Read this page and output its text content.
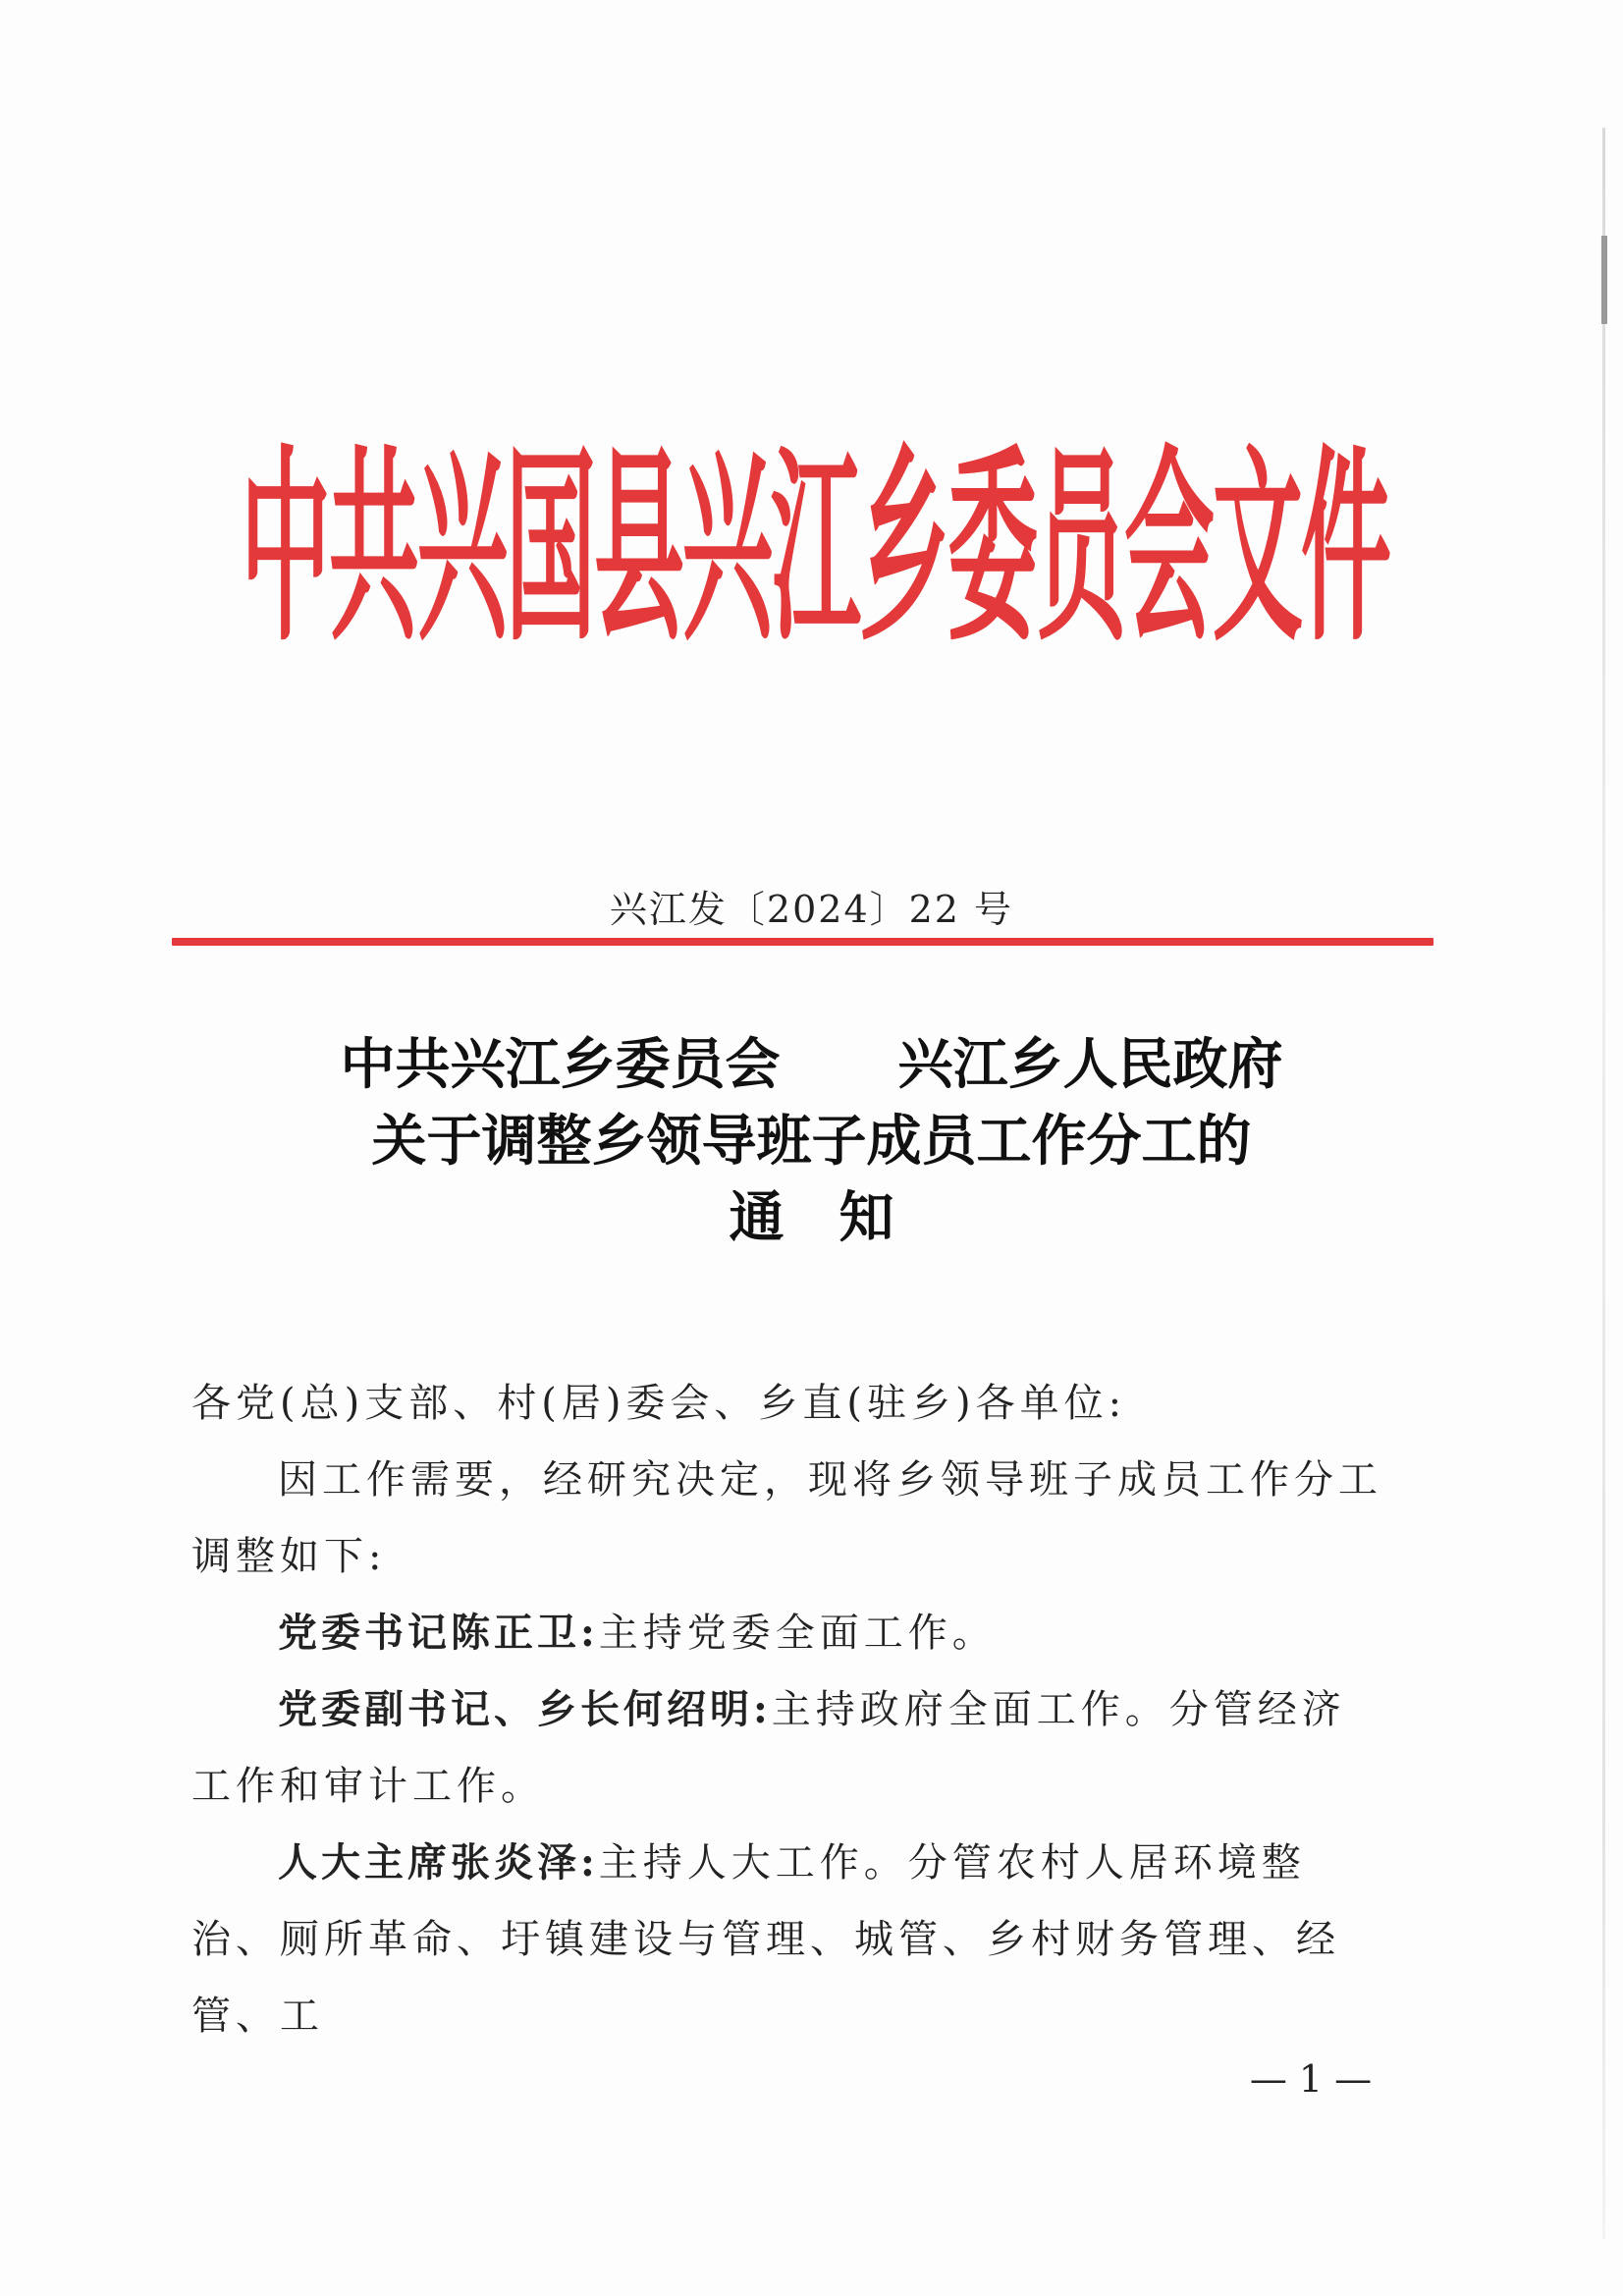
中共兴国县兴江乡委员会文件
兴江发〔2024〕22 号
中共兴江乡委员会 兴江乡人民政府
关于调整乡领导班子成员工作分工的
通　知

各党(总)支部、村(居)委会、乡直(驻乡)各单位:

因工作需要，经研究决定，现将乡领导班子成员工作分工调整如下:

党委书记陈正卫:主持党委全面工作。

党委副书记、乡长何绍明:主持政府全面工作。分管经济工作和审计工作。

人大主席张炎泽:主持人大工作。分管农村人居环境整治、厕所革命、圩镇建设与管理、城管、乡村财务管理、经管、工

— 1 —
